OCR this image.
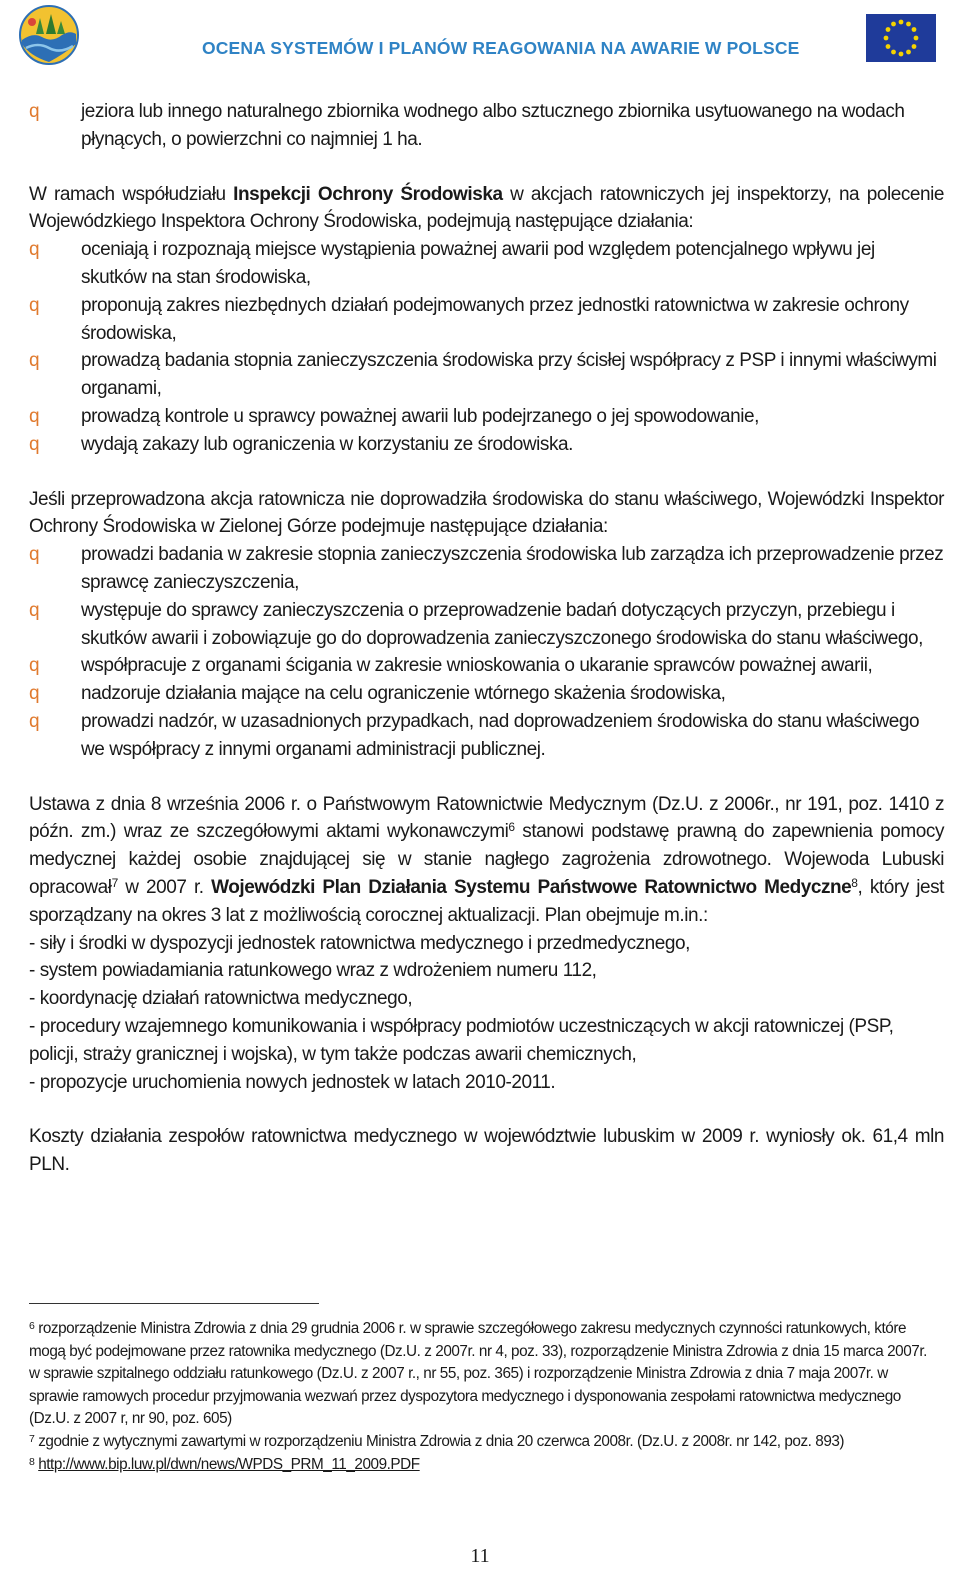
OCENA SYSTEMÓW I PLANÓW REAGOWANIA NA AWARIE W POLSCE
q jeziora lub innego naturalnego zbiornika wodnego albo sztucznego zbiornika usytuowanego na wodach płynących, o powierzchni co najmniej 1 ha.

W ramach współudziału Inspekcji Ochrony Środowiska w akcjach ratowniczych jej inspektorzy, na polecenie Wojewódzkiego Inspektora Ochrony Środowiska, podejmują następujące działania:

q oceniają i rozpoznają miejsce wystąpienia poważnej awarii pod względem potencjalnego wpływu jej skutków na stan środowiska,
q proponują zakres niezbędnych działań podejmowanych przez jednostki ratownictwa w zakresie ochrony środowiska,
q prowadzą badania stopnia zanieczyszczenia środowiska przy ścisłej współpracy z PSP i innymi właściwymi organami,
q prowadzą kontrole u sprawcy poważnej awarii lub podejrzanego o jej spowodowanie,
q wydają zakazy lub ograniczenia w korzystaniu ze środowiska.

Jeśli przeprowadzona akcja ratownicza nie doprowadziła środowiska do stanu właściwego, Wojewódzki Inspektor Ochrony Środowiska w Zielonej Górze podejmuje następujące działania:

q prowadzi badania w zakresie stopnia zanieczyszczenia środowiska lub zarządza ich przeprowadzenie przez sprawcę zanieczyszczenia,
q występuje do sprawcy zanieczyszczenia o przeprowadzenie badań dotyczących przyczyn, przebiegu i skutków awarii i zobowiązuje go do doprowadzenia zanieczyszczonego środowiska do stanu właściwego,
q współpracuje z organami ścigania w zakresie wnioskowania o ukaranie sprawców poważnej awarii,
q nadzoruje działania mające na celu ograniczenie wtórnego skażenia środowiska,
q prowadzi nadzór, w uzasadnionych przypadkach, nad doprowadzeniem środowiska do stanu właściwego we współpracy z innymi organami administracji publicznej.

Ustawa z dnia 8 września 2006 r. o Państwowym Ratownictwie Medycznym (Dz.U. z 2006r., nr 191, poz. 1410 z późn. zm.) wraz ze szczegółowymi aktami wykonawczymi$^6$ stanowi podstawę prawną do zapewnienia pomocy medycznej każdej osobie znajdującej się w stanie nagłego zagrożenia zdrowotnego. Wojewoda Lubuski opracował$^7$ w 2007 r. Wojewódzki Plan Działania Systemu Państwowe Ratownictwo Medyczne$^8$, który jest sporządzany na okres 3 lat z możliwością corocznej aktualizacji. Plan obejmuje m.in.:

- siły i środki w dyspozycji jednostek ratownictwa medycznego i przedmedycznego,
- system powiadamiania ratunkowego wraz z wdrożeniem numeru 112,
- koordynację działań ratownictwa medycznego,
- procedury wzajemnego komunikowania i współpracy podmiotów uczestniczących w akcji ratowniczej (PSP, policji, straży granicznej i wojska), w tym także podczas awarii chemicznych,
- propozycje uruchomienia nowych jednostek w latach 2010-2011.

Koszty działania zespołów ratownictwa medycznego w województwie lubuskim w 2009 r. wyniosły ok. 61,4 mln PLN.

$^6$ rozporządzenie Ministra Zdrowia z dnia 29 grudnia 2006 r. w sprawie szczegółowego zakresu medycznych czynności ratunkowych, które mogą być podejmowane przez ratownika medycznego (Dz.U. z 2007r. nr 4, poz. 33), rozporządzenie Ministra Zdrowia z dnia 15 marca 2007r. w sprawie szpitalnego oddziału ratunkowego (Dz.U. z 2007 r., nr 55, poz. 365) i rozporządzenie Ministra Zdrowia z dnia 7 maja 2007r. w sprawie ramowych procedur przyjmowania wezwań przez dyspozytora medycznego i dysponowania zespołami ratownictwa medycznego (Dz.U. z 2007 r, nr 90, poz. 605)

$^7$ zgodnie z wytycznymi zawartymi w rozporządzeniu Ministra Zdrowia z dnia 20 czerwca 2008r. (Dz.U. z 2008r. nr 142, poz. 893)

$^8$ http://www.bip.luw.pl/dwn/news/WPDS_PRM_11_2009.PDF

11
